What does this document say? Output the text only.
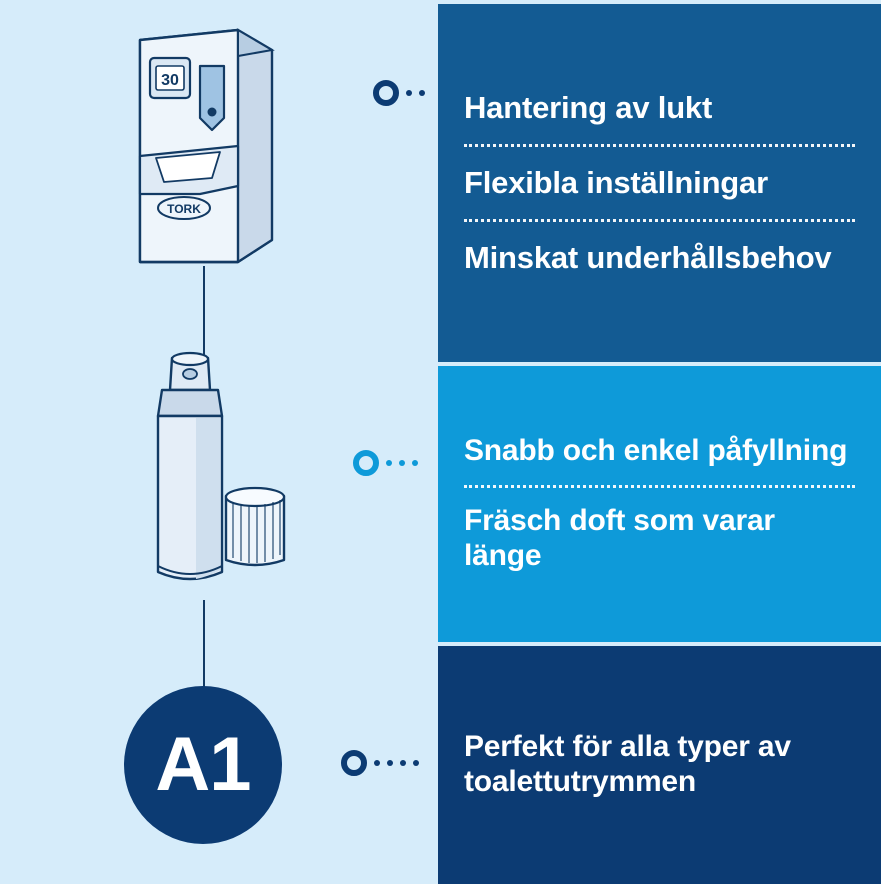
30
TORK
A1
Hantering av lukt
Flexibla inställningar
Minskat underhållsbehov
Snabb och enkel påfyllning
Fräsch doft som varar länge
Perfekt för alla typer av toalettutrymmen
